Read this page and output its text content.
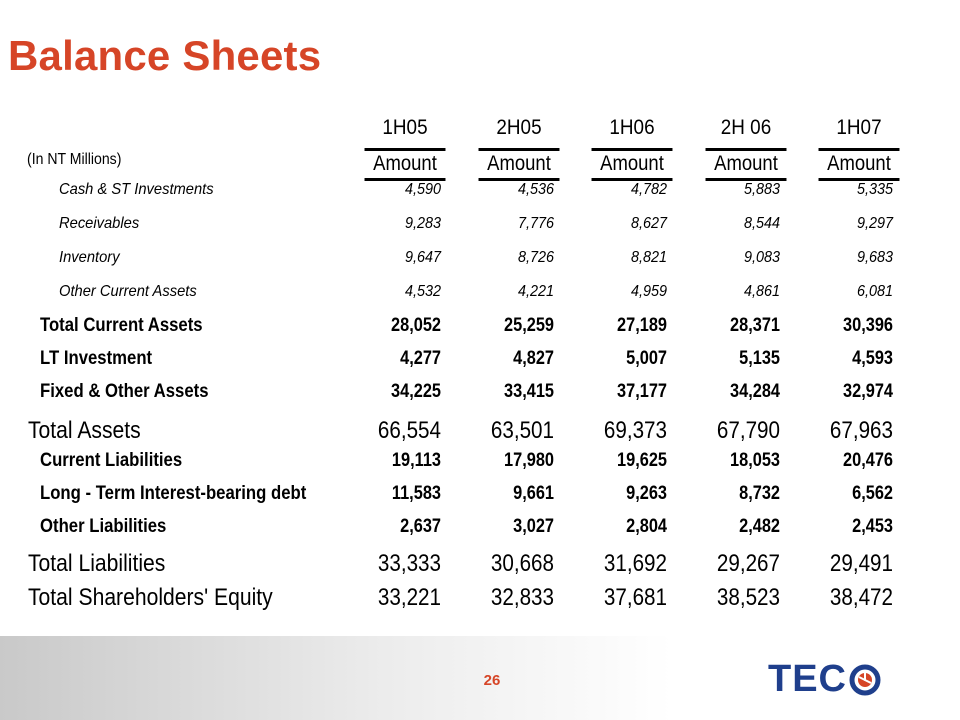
Balance Sheets
1H05	2H05	1H06	2H 06	1H07
(In NT Millions)	Amount	Amount	Amount	Amount	Amount
Cash & ST Investments	4,590	4,536	4,782	5,883	5,335
Receivables	9,283	7,776	8,627	8,544	9,297
Inventory	9,647	8,726	8,821	9,083	9,683
Other Current Assets	4,532	4,221	4,959	4,861	6,081
Total Current Assets	28,052	25,259	27,189	28,371	30,396
LT Investment	4,277	4,827	5,007	5,135	4,593
Fixed & Other Assets	34,225	33,415	37,177	34,284	32,974
Total Assets	66,554	63,501	69,373	67,790	67,963
Current Liabilities	19,113	17,980	19,625	18,053	20,476
Long - Term Interest-bearing debt	11,583	9,661	9,263	8,732	6,562
Other Liabilities	2,637	3,027	2,804	2,482	2,453
Total Liabilities	33,333	30,668	31,692	29,267	29,491
Total Shareholders' Equity	33,221	32,833	37,681	38,523	38,472
26	TEC
